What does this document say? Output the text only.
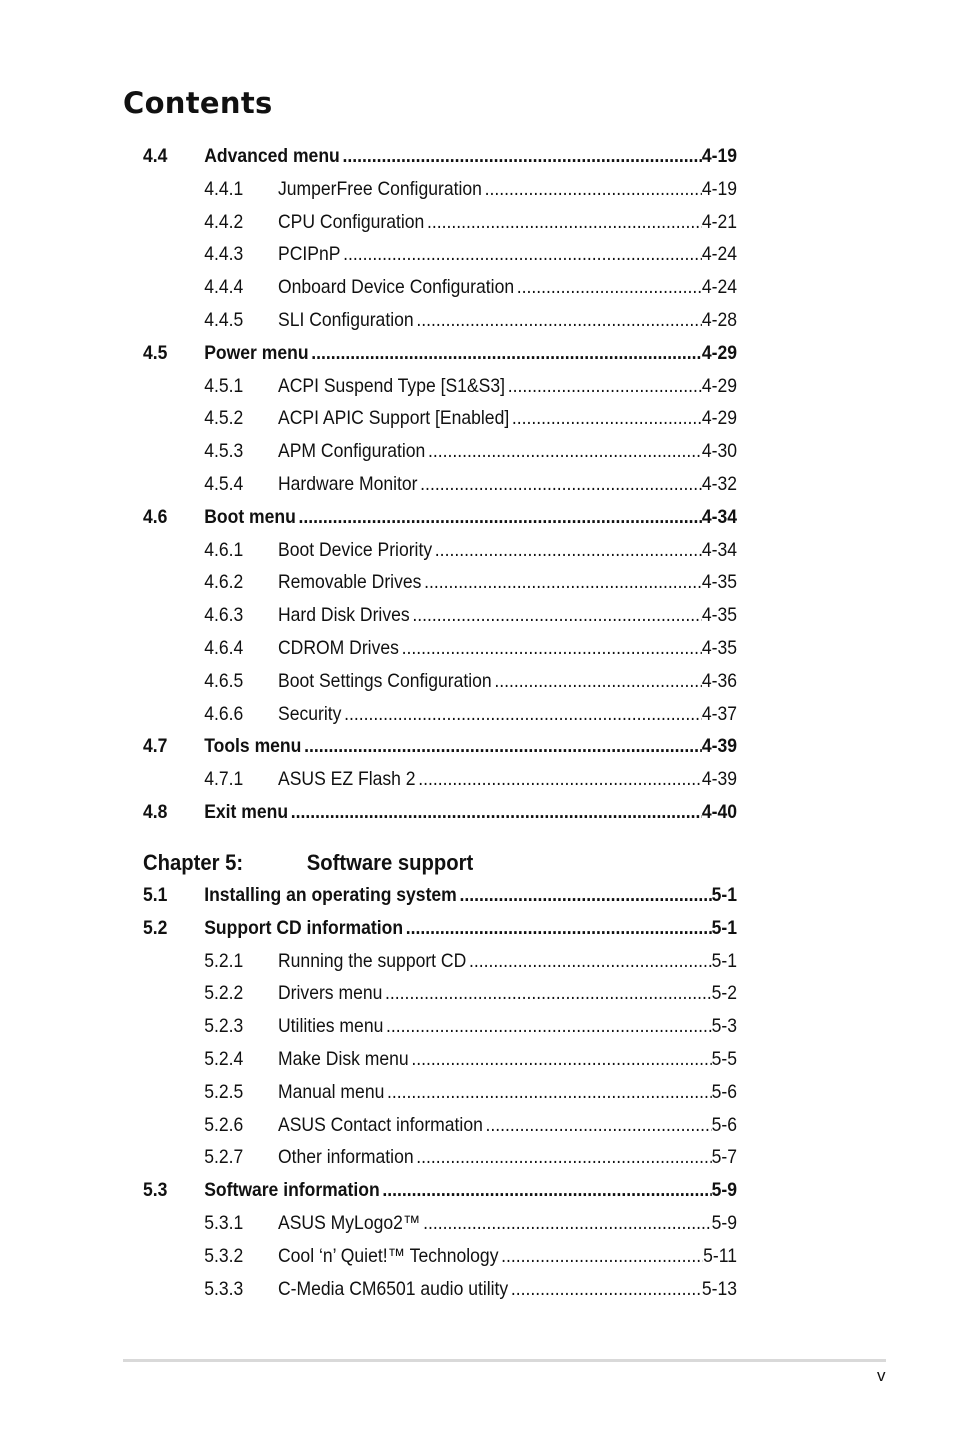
Contents
4.4 Advanced menu .....	4-19
4.4.1 JumperFree Configuration .....	4-19
4.4.2 CPU Configuration .....	4-21
4.4.3 PCIPnP .....	4-24
4.4.4 Onboard Device Configuration .....	4-24
4.4.5 SLI Configuration .....	4-28
4.5 Power menu .....	4-29
4.5.1 ACPI Suspend Type [S1&S3] .....	4-29
4.5.2 ACPI APIC Support [Enabled] .....	4-29
4.5.3 APM Configuration .....	4-30
4.5.4 Hardware Monitor .....	4-32
4.6 Boot menu .....	4-34
4.6.1 Boot Device Priority .....	4-34
4.6.2 Removable Drives .....	4-35
4.6.3 Hard Disk Drives .....	4-35
4.6.4 CDROM Drives .....	4-35
4.6.5 Boot Settings Configuration .....	4-36
4.6.6 Security .....	4-37
4.7 Tools menu .....	4-39
4.7.1 ASUS EZ Flash 2 .....	4-39
4.8 Exit menu .....	4-40
5.1 Installing an operating system .....	5-1
5.2 Support CD information .....	5-1
5.2.1 Running the support CD .....	5-1
5.2.2 Drivers menu .....	5-2
5.2.3 Utilities menu .....	5-3
5.2.4 Make Disk menu .....	5-5
5.2.5 Manual menu .....	5-6
5.2.6 ASUS Contact information .....	5-6
5.2.7 Other information .....	5-7
5.3 Software information .....	5-9
5.3.1 ASUS MyLogo2™ .....	5-9
5.3.2 Cool ‘n’ Quiet!™ Technology .....	5-11
5.3.3 C-Media CM6501 audio utility .....	5-13
Chapter 5:	Software support
v
